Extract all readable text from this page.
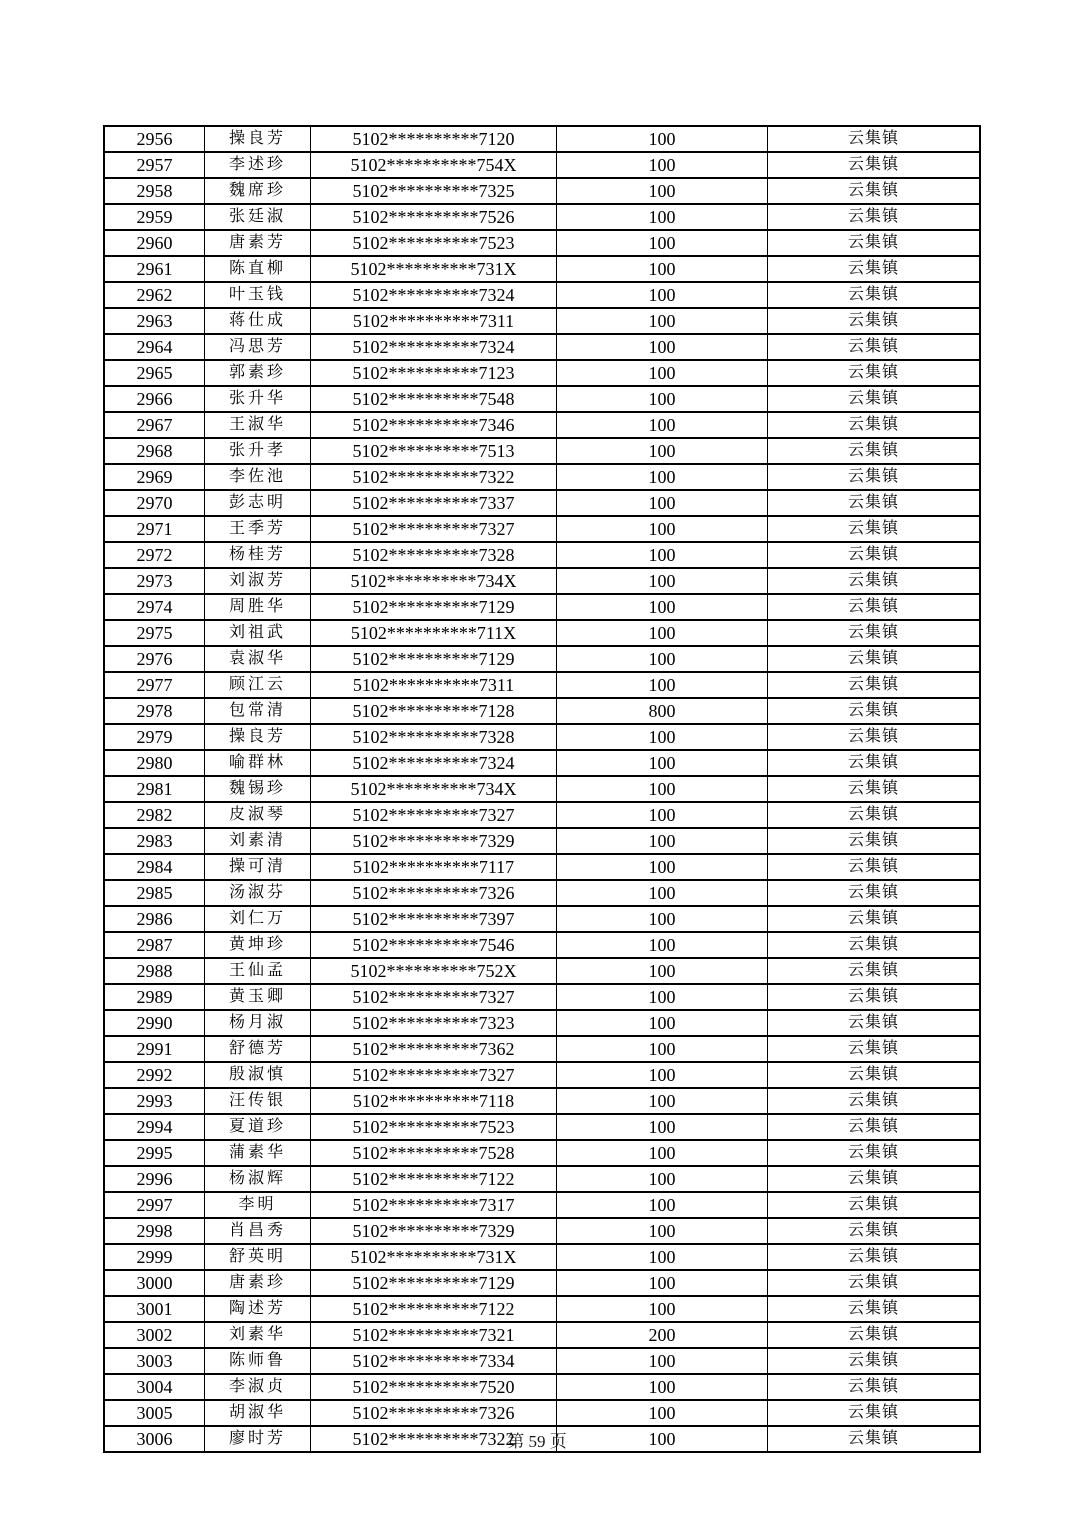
2956	操良芳	5102**********7120	100	云集镇
2957	李述珍	5102**********754X	100	云集镇
2958	魏席珍	5102**********7325	100	云集镇
2959	张廷淑	5102**********7526	100	云集镇
2960	唐素芳	5102**********7523	100	云集镇
2961	陈直柳	5102**********731X	100	云集镇
2962	叶玉钱	5102**********7324	100	云集镇
2963	蒋仕成	5102**********7311	100	云集镇
2964	冯思芳	5102**********7324	100	云集镇
2965	郭素珍	5102**********7123	100	云集镇
2966	张升华	5102**********7548	100	云集镇
2967	王淑华	5102**********7346	100	云集镇
2968	张升孝	5102**********7513	100	云集镇
2969	李佐池	5102**********7322	100	云集镇
2970	彭志明	5102**********7337	100	云集镇
2971	王季芳	5102**********7327	100	云集镇
2972	杨桂芳	5102**********7328	100	云集镇
2973	刘淑芳	5102**********734X	100	云集镇
2974	周胜华	5102**********7129	100	云集镇
2975	刘祖武	5102**********711X	100	云集镇
2976	袁淑华	5102**********7129	100	云集镇
2977	顾江云	5102**********7311	100	云集镇
2978	包常清	5102**********7128	800	云集镇
2979	操良芳	5102**********7328	100	云集镇
2980	喻群林	5102**********7324	100	云集镇
2981	魏锡珍	5102**********734X	100	云集镇
2982	皮淑琴	5102**********7327	100	云集镇
2983	刘素清	5102**********7329	100	云集镇
2984	操可清	5102**********7117	100	云集镇
2985	汤淑芬	5102**********7326	100	云集镇
2986	刘仁万	5102**********7397	100	云集镇
2987	黄坤珍	5102**********7546	100	云集镇
2988	王仙孟	5102**********752X	100	云集镇
2989	黄玉卿	5102**********7327	100	云集镇
2990	杨月淑	5102**********7323	100	云集镇
2991	舒德芳	5102**********7362	100	云集镇
2992	殷淑慎	5102**********7327	100	云集镇
2993	汪传银	5102**********7118	100	云集镇
2994	夏道珍	5102**********7523	100	云集镇
2995	蒲素华	5102**********7528	100	云集镇
2996	杨淑辉	5102**********7122	100	云集镇
2997	李明	5102**********7317	100	云集镇
2998	肖昌秀	5102**********7329	100	云集镇
2999	舒英明	5102**********731X	100	云集镇
3000	唐素珍	5102**********7129	100	云集镇
3001	陶述芳	5102**********7122	100	云集镇
3002	刘素华	5102**********7321	200	云集镇
3003	陈师鲁	5102**********7334	100	云集镇
3004	李淑贞	5102**********7520	100	云集镇
3005	胡淑华	5102**********7326	100	云集镇
3006	廖时芳	5102**********7322	100	云集镇
第 59 页
